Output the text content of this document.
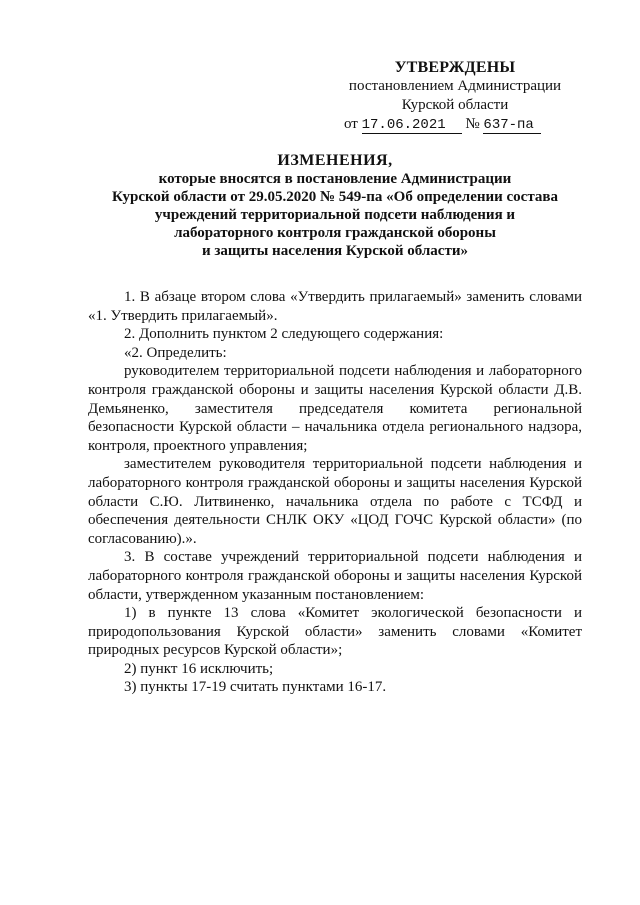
УТВЕРЖДЕНЫ
постановлением Администрации
Курской области
от 17.06.2021 № 637-па
ИЗМЕНЕНИЯ,
которые вносятся в постановление Администрации
Курской области от 29.05.2020 № 549-па «Об определении состава
учреждений территориальной подсети наблюдения и
лабораторного контроля гражданской обороны
и защиты населения Курской области»

1. В абзаце втором слова «Утвердить прилагаемый» заменить словами «1. Утвердить прилагаемый».

2. Дополнить пунктом 2 следующего содержания:

«2. Определить:

руководителем территориальной подсети наблюдения и лабораторного контроля гражданской обороны и защиты населения Курской области Д.В. Демьяненко, заместителя председателя комитета региональной безопасности Курской области – начальника отдела регионального надзора, контроля, проектного управления;

заместителем руководителя территориальной подсети наблюдения и лабораторного контроля гражданской обороны и защиты населения Курской области С.Ю. Литвиненко, начальника отдела по работе с ТСФД и обеспечения деятельности СНЛК ОКУ «ЦОД ГОЧС Курской области» (по согласованию).».

3. В составе учреждений территориальной подсети наблюдения и лабораторного контроля гражданской обороны и защиты населения Курской области, утвержденном указанным постановлением:

1) в пункте 13 слова «Комитет экологической безопасности и природопользования Курской области» заменить словами «Комитет природных ресурсов Курской области»;

2) пункт 16 исключить;

3) пункты 17-19 считать пунктами 16-17.
